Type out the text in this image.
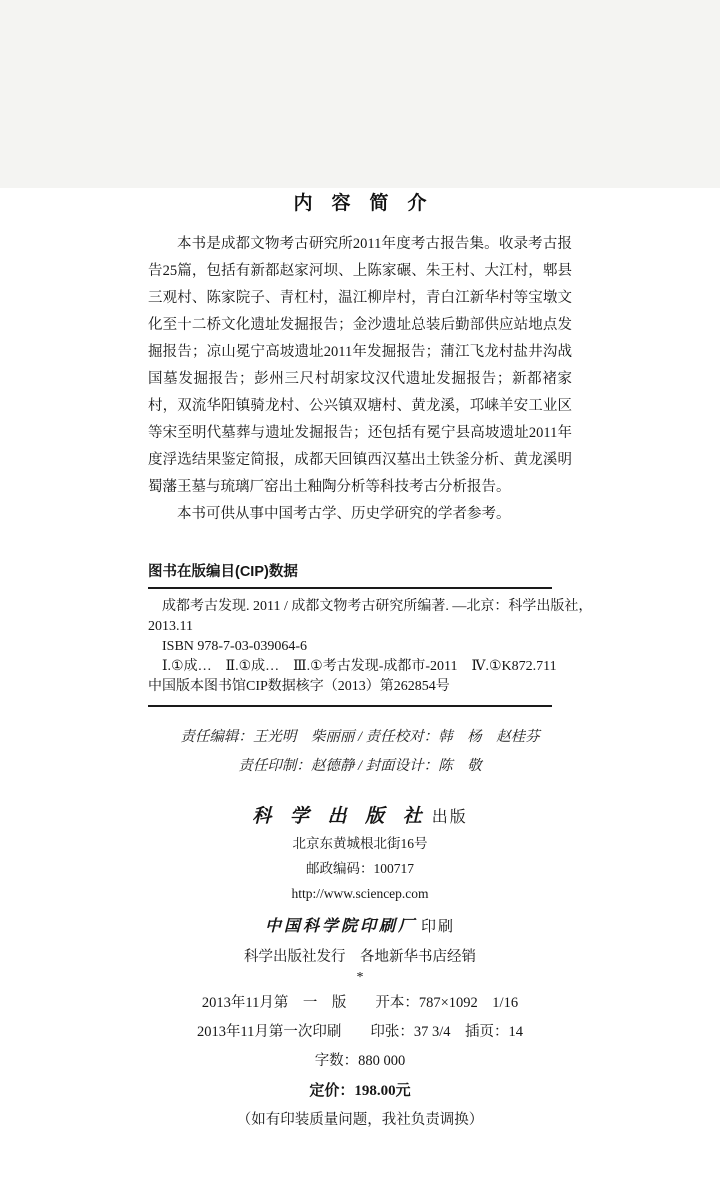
内　容　简　介

本书是成都文物考古研究所2011年度考古报告集。收录考古报告25篇，包括有新都赵家河坝、上陈家碾、朱王村、大江村，郫县三观村、陈家院子、青杠村，温江柳岸村，青白江新华村等宝墩文化至十二桥文化遗址发掘报告；金沙遗址总装后勤部供应站地点发掘报告；凉山冕宁高坡遗址2011年发掘报告；蒲江飞龙村盐井沟战国墓发掘报告；彭州三尺村胡家坟汉代遗址发掘报告；新都褚家村，双流华阳镇骑龙村、公兴镇双塘村、黄龙溪，邛崃羊安工业区等宋至明代墓葬与遗址发掘报告；还包括有冕宁县高坡遗址2011年度浮选结果鉴定简报，成都天回镇西汉墓出土铁釜分析、黄龙溪明蜀藩王墓与琉璃厂窑出土釉陶分析等科技考古分析报告。

本书可供从事中国考古学、历史学研究的学者参考。

图书在版编目(CIP)数据
成都考古发现. 2011 / 成都文物考古研究所编著. —北京：科学出版社，
2013.11
ISBN 978-7-03-039064-6
Ⅰ.①成…　Ⅱ.①成…　Ⅲ.①考古发现-成都市-2011　Ⅳ.①K872.711
中国版本图书馆CIP数据核字（2013）第262854号
责任编辑：王光明　柴丽丽 / 责任校对：韩　杨　赵桂芬
责任印制：赵德静 / 封面设计：陈　敬
科 学 出 版 社 出版
北京东黄城根北街16号
邮政编码：100717
http://www.sciencep.com
中国科学院印刷厂 印刷
科学出版社发行　各地新华书店经销
*
2013年11月第　一　版　　开本：787×1092　1/16
2013年11月第一次印刷　　印张：37 3/4　插页：14
字数：880 000
定价：198.00元
（如有印装质量问题，我社负责调换）
